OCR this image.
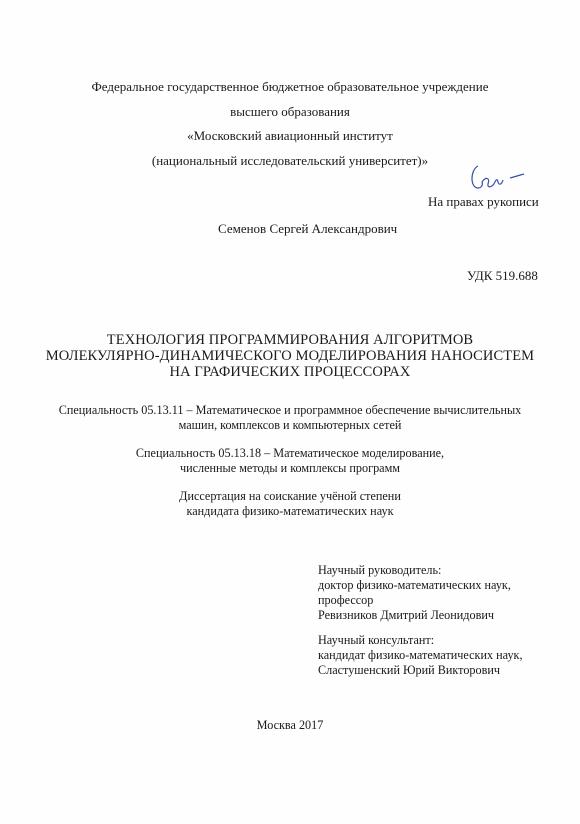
Федеральное государственное бюджетное образовательное учреждение
высшего образования
«Московский авиационный институт
(национальный исследовательский университет)»
На правах рукописи
Семенов Сергей Александрович
УДК 519.688
ТЕХНОЛОГИЯ ПРОГРАММИРОВАНИЯ АЛГОРИТМОВ
МОЛЕКУЛЯРНО-ДИНАМИЧЕСКОГО МОДЕЛИРОВАНИЯ НАНОСИСТЕМ
НА ГРАФИЧЕСКИХ ПРОЦЕССОРАХ
Специальность 05.13.11 – Математическое и программное обеспечение вычислительных
машин, комплексов и компьютерных сетей
Специальность 05.13.18 – Математическое моделирование,
численные методы и комплексы программ
Диссертация на соискание учёной степени
кандидата физико-математических наук
Научный руководитель:
доктор физико-математических наук,
профессор
Ревизников Дмитрий Леонидович
Научный консультант:
кандидат физико-математических наук,
Сластушенский Юрий Викторович
Москва 2017
